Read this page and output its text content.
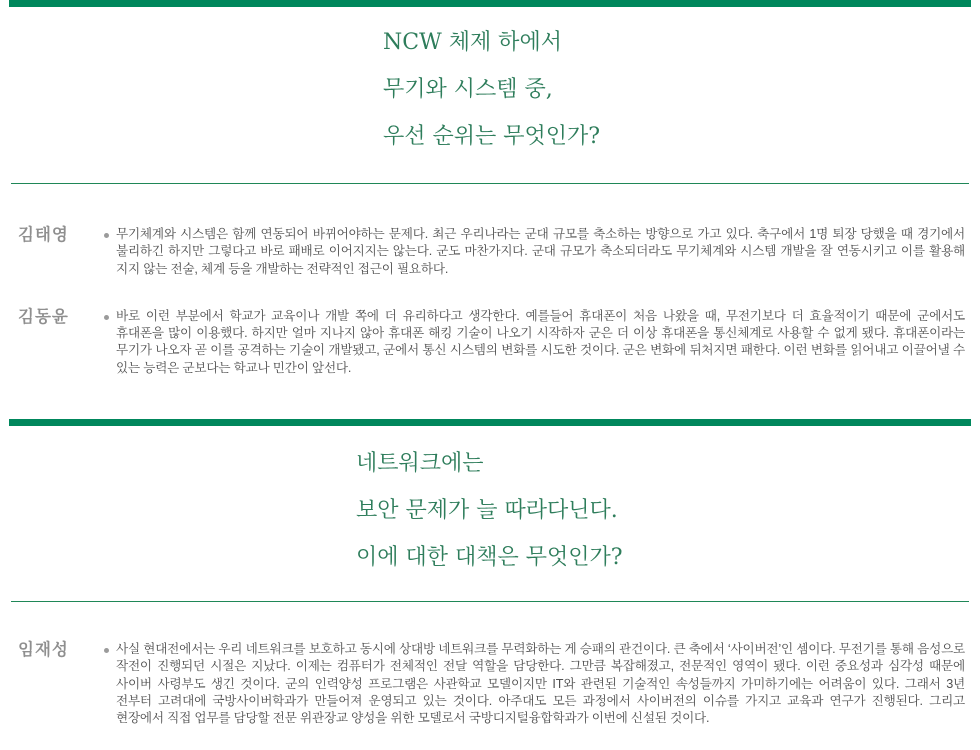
NCW 체제 하에서
무기와 시스템 중,
우선 순위는 무엇인가?
김태영	무기체계와 시스템은 함께 연동되어 바뀌어야하는 문제다. 최근 우리나라는 군대 규모를 축소하는 방향으로 가고 있다. 축구에서 1명 퇴장 당했을 때 경기에서 불리하긴 하지만 그렇다고 바로 패배로 이어지지는 않는다. 군도 마찬가지다. 군대 규모가 축소되더라도 무기체계와 시스템 개발을 잘 연동시키고 이를 활용해 지지 않는 전술, 체계 등을 개발하는 전략적인 접근이 필요하다.
김동윤	바로 이런 부분에서 학교가 교육이나 개발 쪽에 더 유리하다고 생각한다. 예를들어 휴대폰이 처음 나왔을 때, 무전기보다 더 효율적이기 때문에 군에서도 휴대폰을 많이 이용했다. 하지만 얼마 지나지 않아 휴대폰 해킹 기술이 나오기 시작하자 군은 더 이상 휴대폰을 통신체계로 사용할 수 없게 됐다. 휴대폰이라는 무기가 나오자 곧 이를 공격하는 기술이 개발됐고, 군에서 통신 시스템의 변화를 시도한 것이다. 군은 변화에 뒤처지면 패한다. 이런 변화를 읽어내고 이끌어낼 수 있는 능력은 군보다는 학교나 민간이 앞선다.
네트워크에는
보안 문제가 늘 따라다닌다.
이에 대한 대책은 무엇인가?
임재성	사실 현대전에서는 우리 네트워크를 보호하고 동시에 상대방 네트워크를 무력화하는 게 승패의 관건이다. 큰 축에서 ‘사이버전’인 셈이다. 무전기를 통해 음성으로 작전이 진행되던 시절은 지났다. 이제는 컴퓨터가 전체적인 전달 역할을 담당한다. 그만큼 복잡해졌고, 전문적인 영역이 됐다. 이런 중요성과 심각성 때문에 사이버 사령부도 생긴 것이다. 군의 인력양성 프로그램은 사관학교 모델이지만 IT와 관련된 기술적인 속성들까지 가미하기에는 어려움이 있다. 그래서 3년 전부터 고려대에 국방사이버학과가 만들어져 운영되고 있는 것이다. 아주대도 모든 과정에서 사이버전의 이슈를 가지고 교육과 연구가 진행된다. 그리고 현장에서 직접 업무를 담당할 전문 위관장교 양성을 위한 모델로서 국방디지털융합학과가 이번에 신설된 것이다.
